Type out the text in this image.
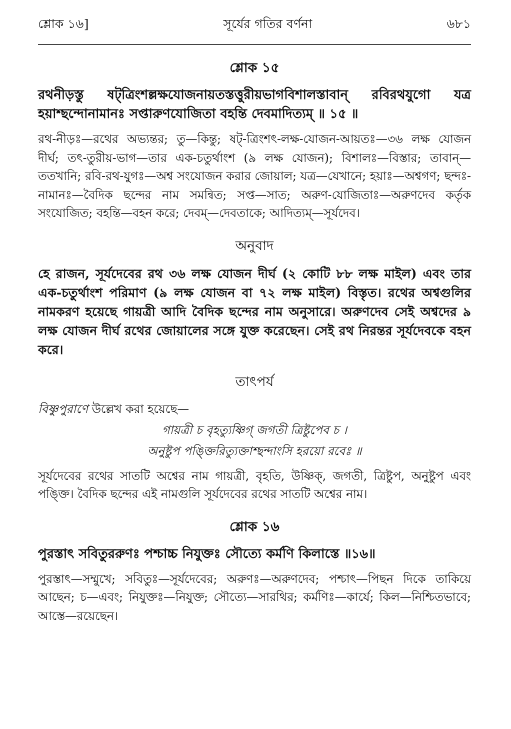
শ্লোক ১৬]	সূর্যের গতির বর্ণনা	৬৮১
শ্লোক ১৫
রথনীড়স্তু ষট্‌ত্রিংশল্লক্ষযোজনায়তস্তত্তুরীয়ভাগবিশালস্তাবান্ রবিরথযুগো যত্র হয়াশ্ছন্দোনামানঃ সপ্তারুণযোজিতা বহন্তি দেবমাদিত্যম্ ॥ ১৫ ॥
রথ-নীড়ঃ—রথের অভ্যন্তর; তু—কিন্তু; ষট্‌-ত্রিংশৎ-লক্ষ-যোজন-আয়তঃ—৩৬ লক্ষ যোজন দীর্ঘ; তৎ-তুরীয়-ভাগ—তার এক-চতুর্থাংশ (৯ লক্ষ যোজন); বিশালঃ—বিস্তার; তাবান্—ততখানি; রবি-রথ-যুগঃ—অশ্ব সংযোজন করার জোয়াল; যত্র—যেখানে; হয়াঃ—অশ্বগণ; ছন্দঃ-নামানঃ—বৈদিক ছন্দের নাম সমন্বিত; সপ্ত—সাত; অরুণ-যোজিতাঃ—অরুণদেব কর্তৃক সংযোজিত; বহন্তি—বহন করে; দেবম্—দেবতাকে; আদিত্যম্—সূর্যদেব।
অনুবাদ
হে রাজন, সূর্যদেবের রথ ৩৬ লক্ষ যোজন দীর্ঘ (২ কোটি ৮৮ লক্ষ মাইল) এবং তার এক-চতুর্থাংশ পরিমাণ (৯ লক্ষ যোজন বা ৭২ লক্ষ মাইল) বিস্তৃত। রথের অশ্বগুলির নামকরণ হয়েছে গায়ত্রী আদি বৈদিক ছন্দের নাম অনুসারে। অরুণদেব সেই অশ্বদের ৯ লক্ষ যোজন দীর্ঘ রথের জোয়ালের সঙ্গে যুক্ত করেছেন। সেই রথ নিরন্তর সূর্যদেবকে বহন করে।
তাৎপর্য
বিষ্ণুপুরাণে উল্লেখ করা হয়েছে—
গায়ত্রী চ বৃহত্যুষ্ণিগ্ জগতী ত্রিষ্টুপেব চ ।
অনুষ্টুপ পঙ্ক্তিরিত্যুক্তাশ্ছন্দাংসি হরয়ো রবেঃ ॥
সূর্যদেবের রথের সাতটি অশ্বের নাম গায়ত্রী, বৃহতি, উষ্ণিক্, জগতী, ত্রিষ্টুপ, অনুষ্টুপ এবং পঙ্ক্তি। বৈদিক ছন্দের এই নামগুলি সূর্যদেবের রথের সাতটি অশ্বের নাম।
শ্লোক ১৬
পুরস্তাৎ সবিতুররুণঃ পশ্চাচ্চ নিযুক্তঃ সৌত্যে কর্মণি কিলাস্তে ॥১৬॥
পুরস্তাৎ—সম্মুখে; সবিতুঃ—সূর্যদেবের; অরুণঃ—অরুণদেব; পশ্চাৎ—পিছন দিকে তাকিয়ে আছেন; চ—এবং; নিযুক্তঃ—নিযুক্ত; সৌত্যে—সারথির; কর্মণিঃ—কার্যে; কিল—নিশ্চিতভাবে; আস্তে—রয়েছেন।
